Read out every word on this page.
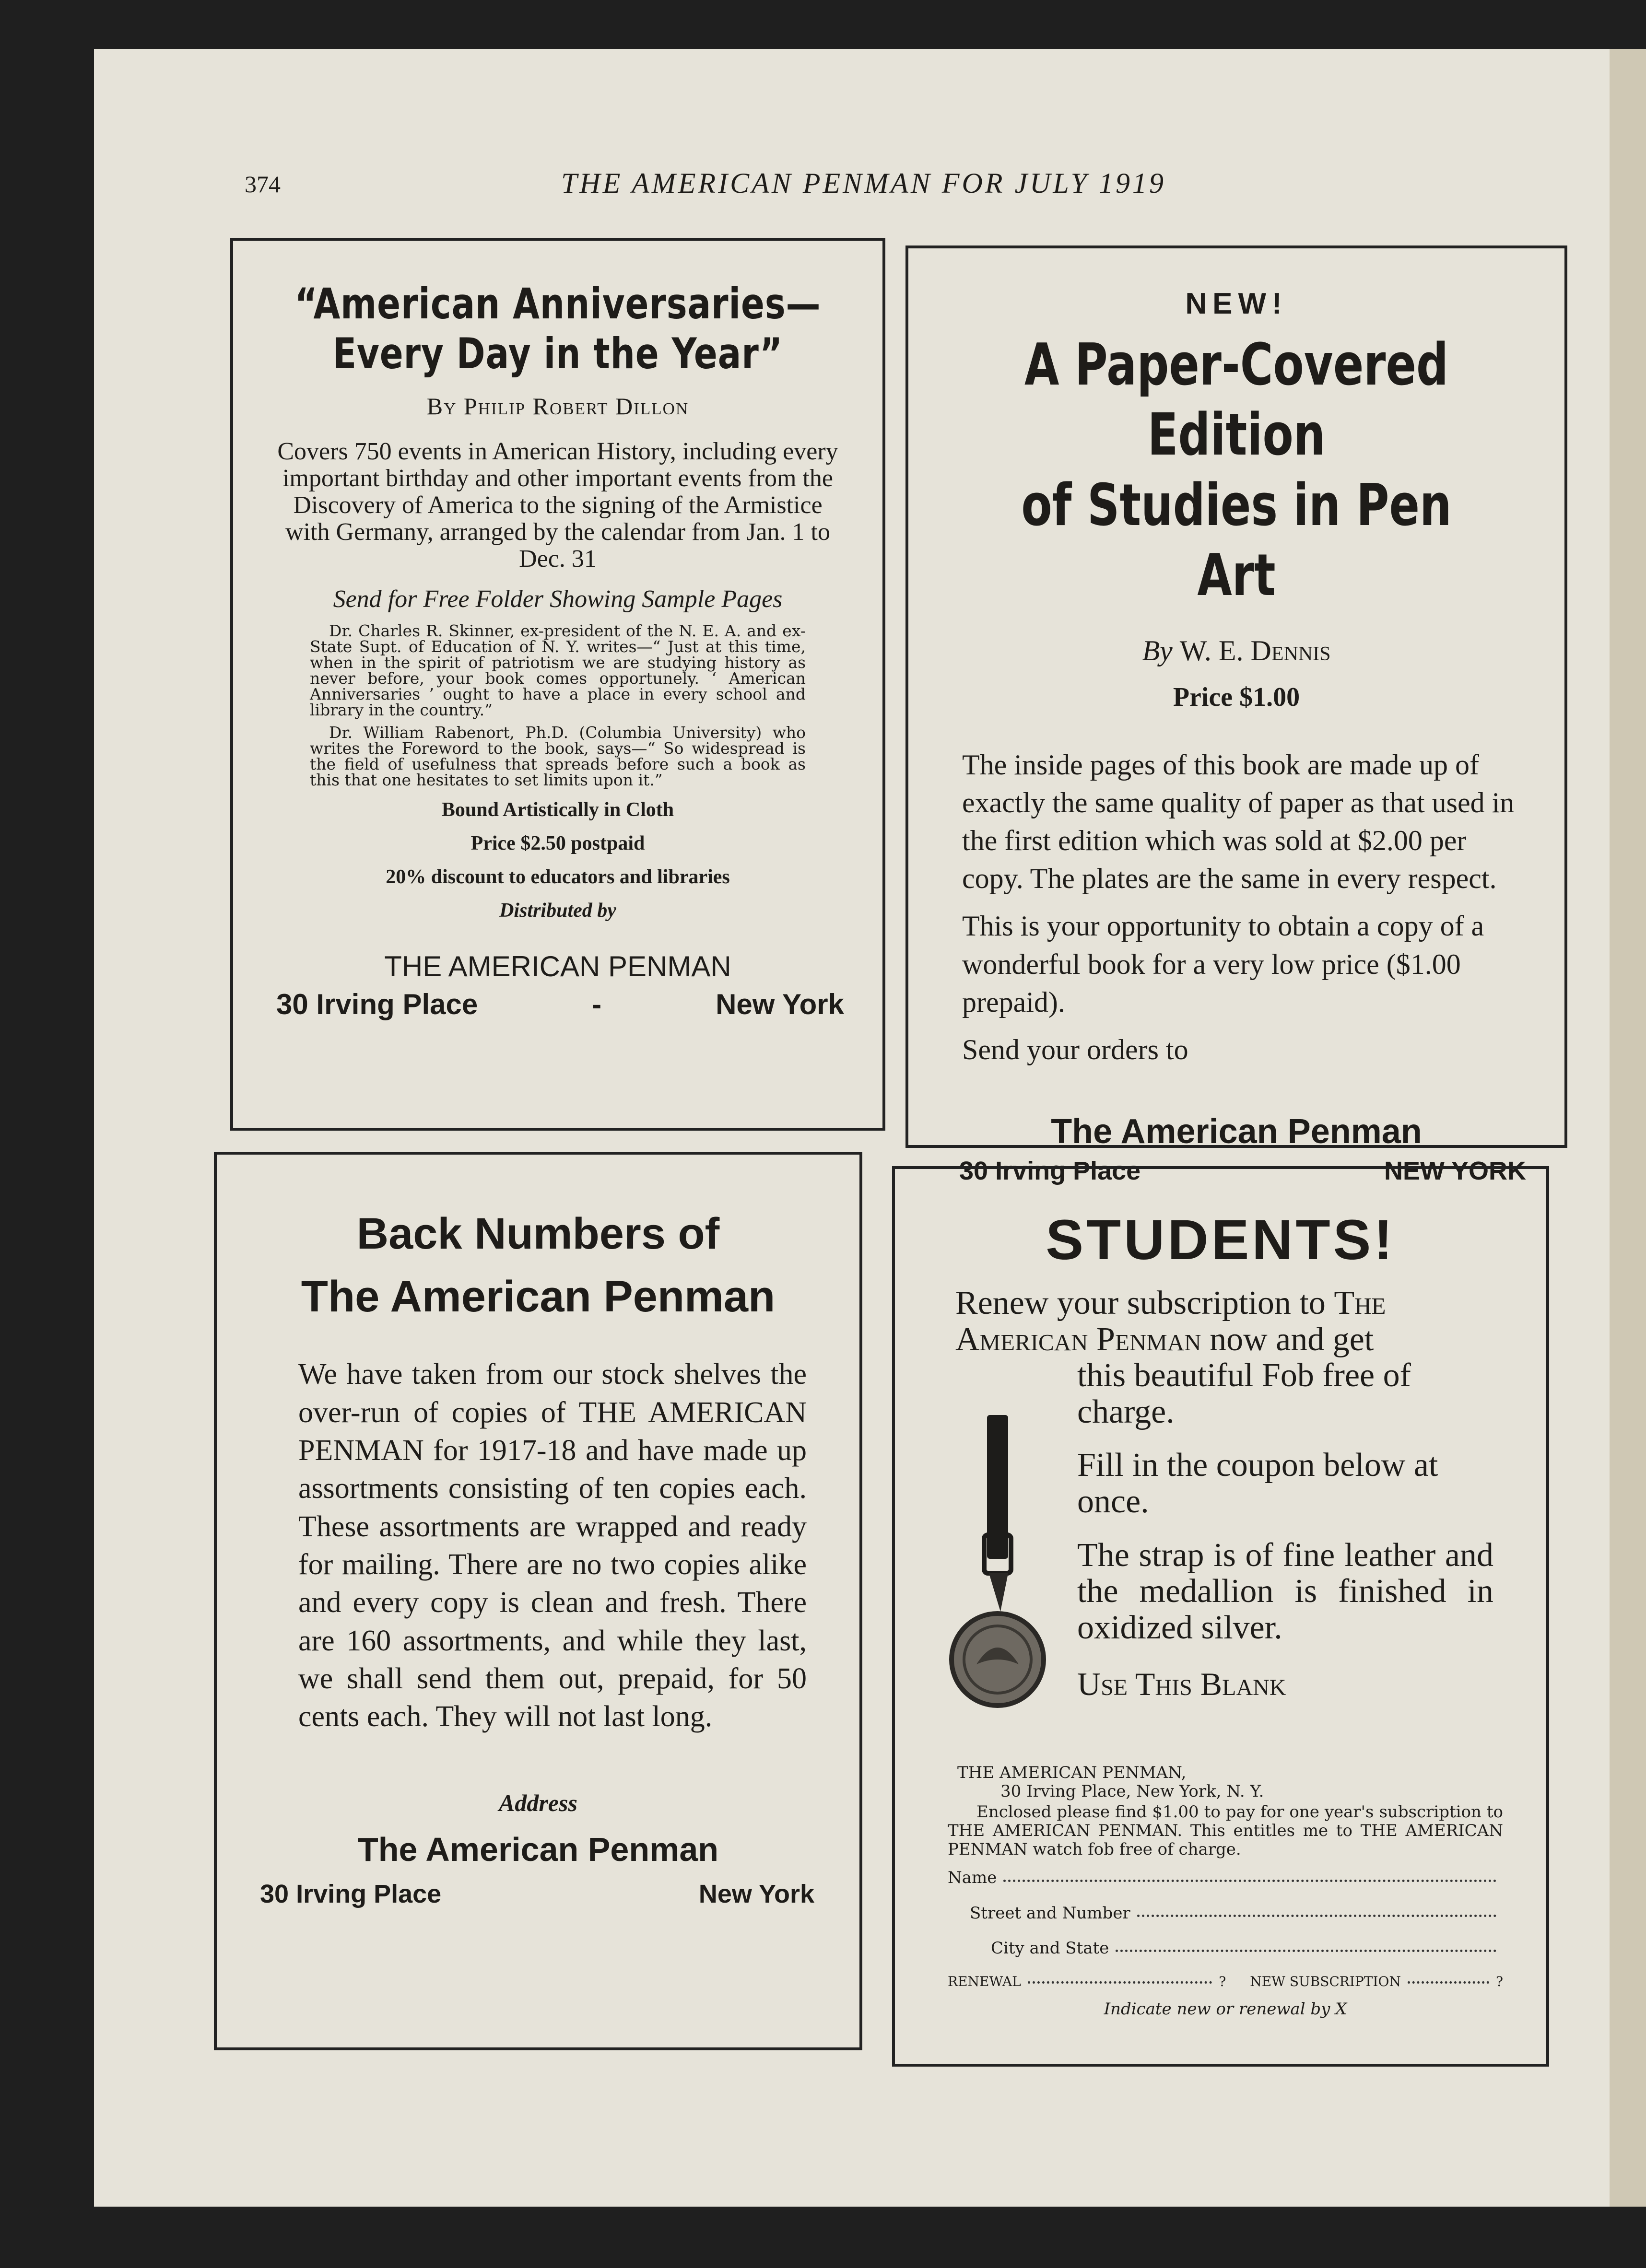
374	THE AMERICAN PENMAN FOR JULY 1919

“American Anniversaries—
Every Day in the Year”

By Philip Robert Dillon

Covers 750 events in American History, including every important birthday and other important events from the Discovery of America to the signing of the Armistice with Germany, arranged by the calendar from Jan. 1 to Dec. 31

Send for Free Folder Showing Sample Pages

Dr. Charles R. Skinner, ex-president of the N. E. A. and ex-State Supt. of Education of N. Y. writes—“ Just at this time, when in the spirit of patriotism we are studying history as never before, your book comes opportunely. ‘ American Anniversaries ’ ought to have a place in every school and library in the country.”

Dr. William Rabenort, Ph.D. (Columbia University) who writes the Foreword to the book, says—“ So widespread is the field of usefulness that spreads before such a book as this that one hesitates to set limits upon it.”

Bound Artistically in Cloth

Price $2.50 postpaid

20% discount to educators and libraries

Distributed by

THE AMERICAN PENMAN

30 Irving Place	-	New York

NEW!

A Paper-Covered Edition
of Studies in Pen Art

By W. E. Dennis

Price $1.00

The inside pages of this book are made up of exactly the same quality of paper as that used in the first edition which was sold at $2.00 per copy. The plates are the same in every respect.

This is your opportunity to obtain a copy of a wonderful book for a very low price ($1.00 prepaid).

Send your orders to

The American Penman

30 Irving Place	NEW YORK

Back Numbers of
The American Penman

We have taken from our stock shelves the over-run of copies of THE AMERICAN PENMAN for 1917-18 and have made up assortments consisting of ten copies each. These assortments are wrapped and ready for mailing. There are no two copies alike and every copy is clean and fresh. There are 160 assortments, and while they last, we shall send them out, prepaid, for 50 cents each. They will not last long.

Address

The American Penman

30 Irving Place	New York

STUDENTS!

Renew your subscription to The American Penman now and get

this beautiful Fob free of charge.

Fill in the coupon below at once.

The strap is of fine leather and the medallion is finished in oxidized silver.

Use This Blank

THE AMERICAN PENMAN,
30 Irving Place, New York, N. Y.
Enclosed please find $1.00 to pay for one year's subscription to THE AMERICAN PENMAN. This entitles me to THE AMERICAN PENMAN watch fob free of charge.
Name
Street and Number
City and State
RENEWAL	? NEW SUBSCRIPTION	?
Indicate new or renewal by X
